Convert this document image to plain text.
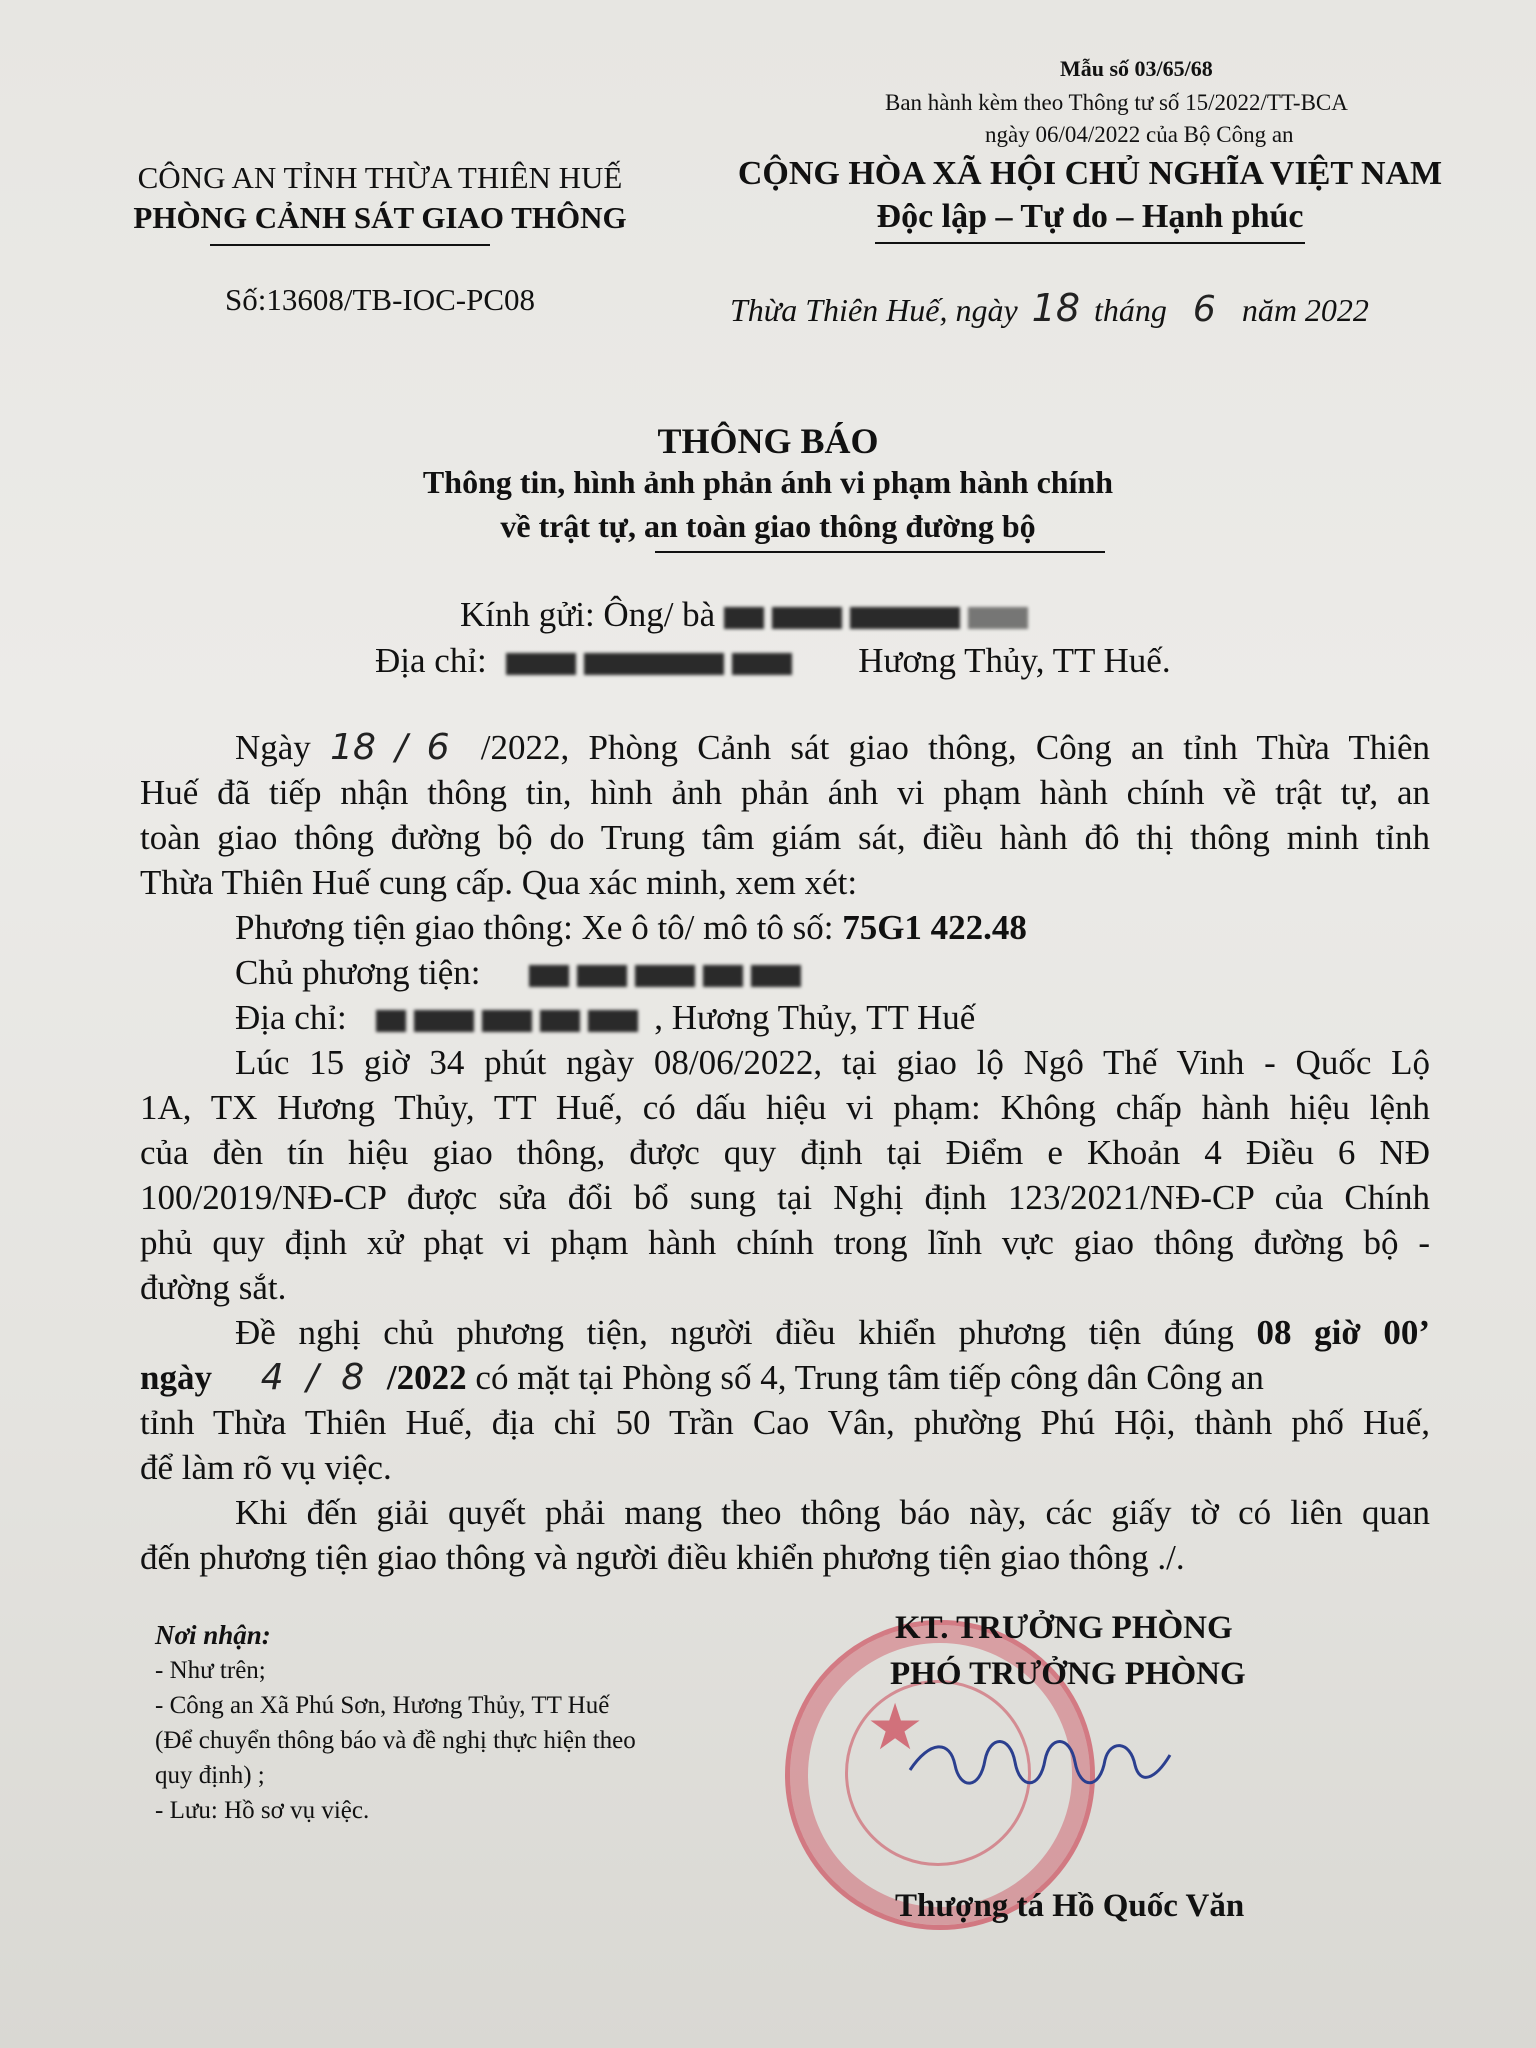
Mẫu số 03/65/68
Ban hành kèm theo Thông tư số 15/2022/TT-BCA
ngày 06/04/2022 của Bộ Công an
CÔNG AN TỈNH THỪA THIÊN HUẾ
PHÒNG CẢNH SÁT GIAO THÔNG
Số:13608/TB-IOC-PC08
CỘNG HÒA XÃ HỘI CHỦ NGHĨA VIỆT NAM
Độc lập – Tự do – Hạnh phúc
Thừa Thiên Huế, ngày 18 tháng 6 năm 2022
THÔNG BÁO
Thông tin, hình ảnh phản ánh vi phạm hành chính
về trật tự, an toàn giao thông đường bộ
Kính gửi: Ông/ bà
Địa chỉ:	Hương Thủy, TT Huế.
Ngày 18 / 6 /2022, Phòng Cảnh sát giao thông, Công an tỉnh Thừa Thiên
Huế đã tiếp nhận thông tin, hình ảnh phản ánh vi phạm hành chính về trật tự, an
toàn giao thông đường bộ do Trung tâm giám sát, điều hành đô thị thông minh tỉnh
Thừa Thiên Huế cung cấp. Qua xác minh, xem xét:
Phương tiện giao thông: Xe ô tô/ mô tô số: 75G1 422.48
Chủ phương tiện:
Địa chỉ:	, Hương Thủy, TT Huế
Lúc 15 giờ 34 phút ngày 08/06/2022, tại giao lộ Ngô Thế Vinh - Quốc Lộ
1A, TX Hương Thủy, TT Huế, có dấu hiệu vi phạm: Không chấp hành hiệu lệnh
của đèn tín hiệu giao thông, được quy định tại Điểm e Khoản 4 Điều 6 NĐ
100/2019/NĐ-CP được sửa đổi bổ sung tại Nghị định 123/2021/NĐ-CP của Chính
phủ quy định xử phạt vi phạm hành chính trong lĩnh vực giao thông đường bộ -
đường sắt.
Đề nghị chủ phương tiện, người điều khiển phương tiện đúng 08 giờ 00’
ngày 4 / 8 /2022 có mặt tại Phòng số 4, Trung tâm tiếp công dân Công an
tỉnh Thừa Thiên Huế, địa chỉ 50 Trần Cao Vân, phường Phú Hội, thành phố Huế,
để làm rõ vụ việc.
Khi đến giải quyết phải mang theo thông báo này, các giấy tờ có liên quan
đến phương tiện giao thông và người điều khiển phương tiện giao thông ./.
Nơi nhận:
- Như trên;
- Công an Xã Phú Sơn, Hương Thủy, TT Huế
(Để chuyển thông báo và đề nghị thực hiện theo
quy định) ;
- Lưu: Hồ sơ vụ việc.
★
KT. TRƯỞNG PHÒNG
PHÓ TRƯỞNG PHÒNG
Thượng tá Hồ Quốc Văn
